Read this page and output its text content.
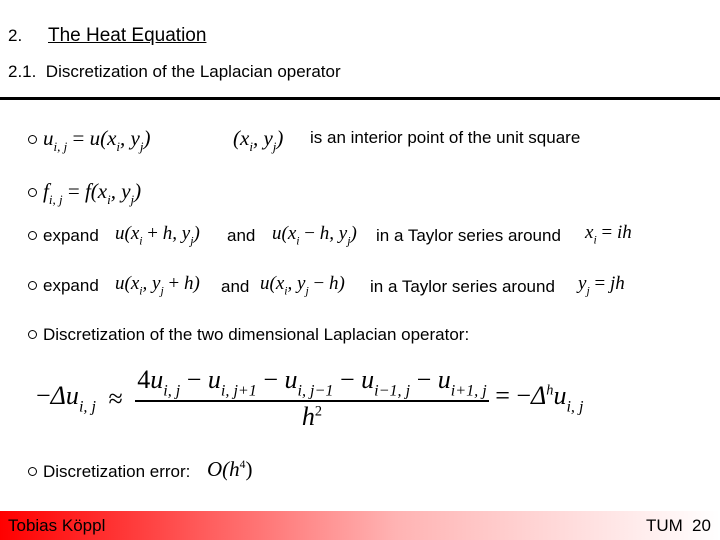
2. The Heat Equation
2.1.  Discretization of the Laplacian operator
$u_{i, j} = u(x_i$, $y_j$)	($x_i$, $y_j$) is an interior point of the unit square
$f_{i, j} = f(x_i$, $y_j$)
expand $u(x_i + h$, $y_j$) and $u(x_i - h$, $y_j$) in a Taylor series around $x_i$ = ih
expand $u(x_i$, $y_j + h$) and $u(x_i$, $y_j - h$) in a Taylor series around $y_j$ = jh
Discretization of the two dimensional Laplacian operator:
$-\Delta u_{i, j} \approx \frac{4u_{i, j} - u_{i, j+1} - u_{i, j-1} - u_{i-1, j} - u_{i+1, j}}{h^2} = -\Delta^hu_{i, j}$
Discretization error: $O(h^4)$
Tobias Köppl	TUM 20
